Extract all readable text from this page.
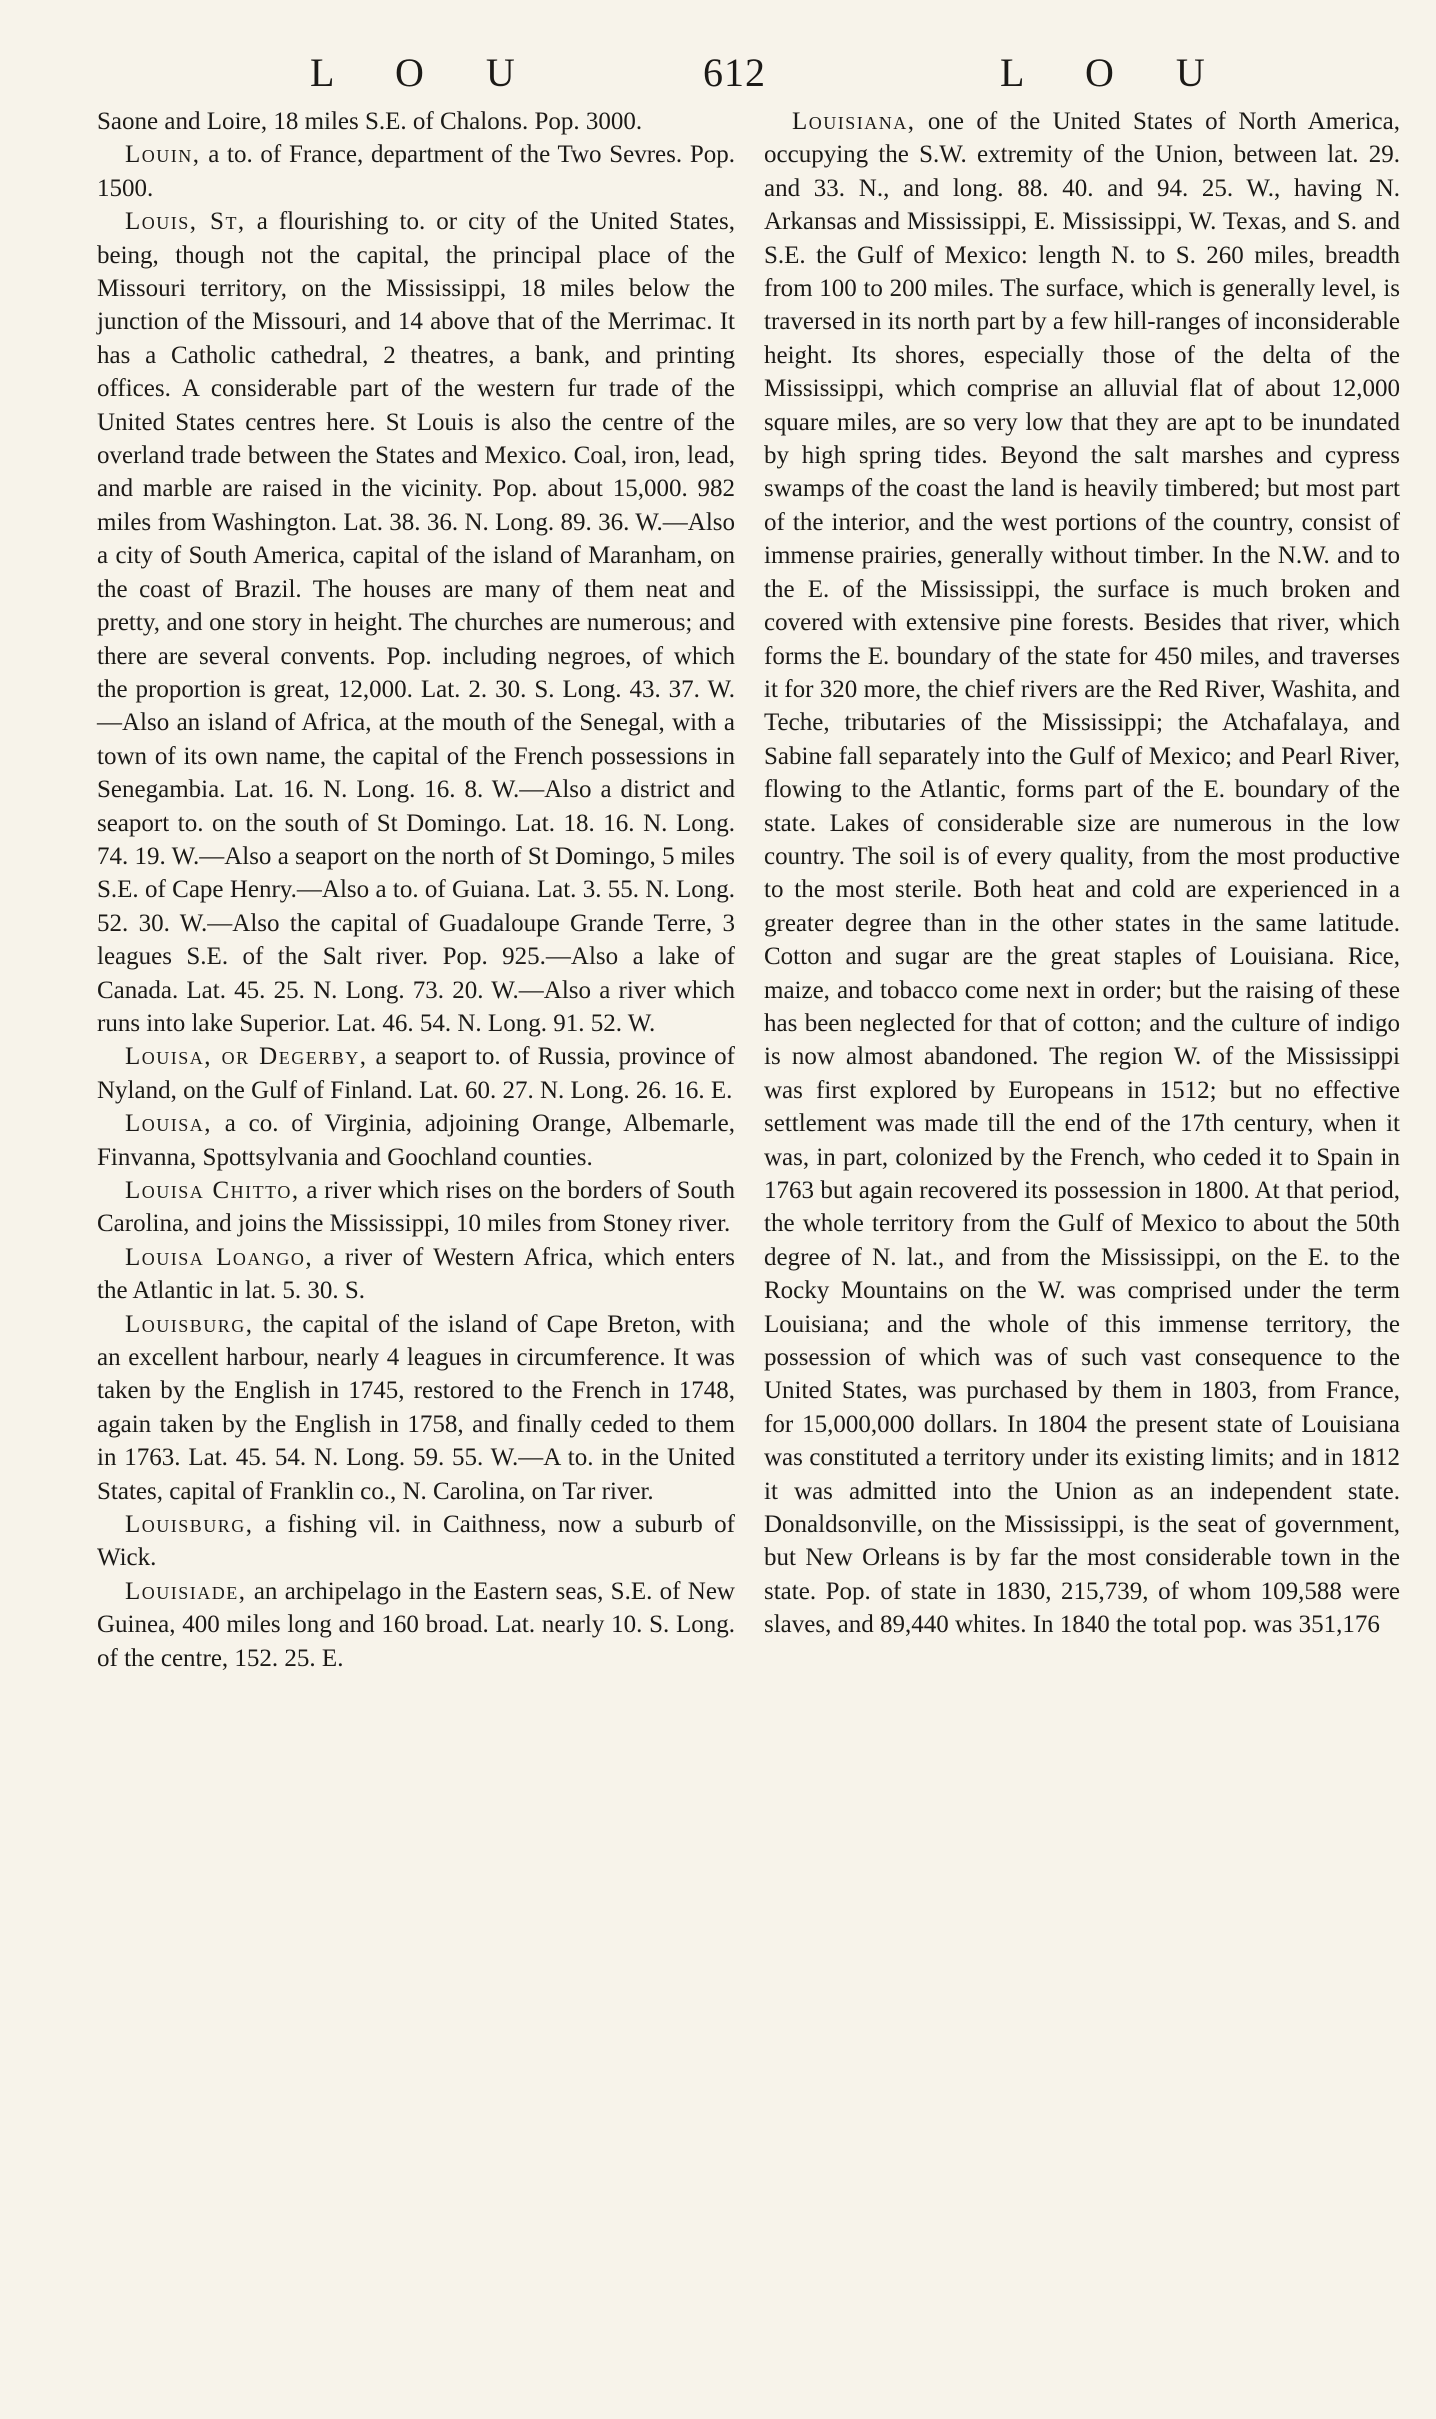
L O U	612	L O U

Saone and Loire, 18 miles S.E. of Chalons. Pop. 3000.

Louin, a to. of France, department of the Two Sevres. Pop. 1500.

Louis, St, a flourishing to. or city of the United States, being, though not the capital, the principal place of the Missouri territory, on the Mississippi, 18 miles below the junction of the Missouri, and 14 above that of the Merrimac. It has a Catholic cathedral, 2 theatres, a bank, and printing offices. A considerable part of the western fur trade of the United States centres here. St Louis is also the centre of the overland trade between the States and Mexico. Coal, iron, lead, and marble are raised in the vicinity. Pop. about 15,000. 982 miles from Washington. Lat. 38. 36. N. Long. 89. 36. W.—Also a city of South America, capital of the island of Maranham, on the coast of Brazil. The houses are many of them neat and pretty, and one story in height. The churches are numerous; and there are several convents. Pop. including negroes, of which the proportion is great, 12,000. Lat. 2. 30. S. Long. 43. 37. W.—Also an island of Africa, at the mouth of the Senegal, with a town of its own name, the capital of the French possessions in Senegambia. Lat. 16. N. Long. 16. 8. W.—Also a district and seaport to. on the south of St Domingo. Lat. 18. 16. N. Long. 74. 19. W.—Also a seaport on the north of St Domingo, 5 miles S.E. of Cape Henry.—Also a to. of Guiana. Lat. 3. 55. N. Long. 52. 30. W.—Also the capital of Guadaloupe Grande Terre, 3 leagues S.E. of the Salt river. Pop. 925.—Also a lake of Canada. Lat. 45. 25. N. Long. 73. 20. W.—Also a river which runs into lake Superior. Lat. 46. 54. N. Long. 91. 52. W.

Louisa, or Degerby, a seaport to. of Russia, province of Nyland, on the Gulf of Finland. Lat. 60. 27. N. Long. 26. 16. E.

Louisa, a co. of Virginia, adjoining Orange, Albemarle, Finvanna, Spottsylvania and Goochland counties.

Louisa Chitto, a river which rises on the borders of South Carolina, and joins the Mississippi, 10 miles from Stoney river.

Louisa Loango, a river of Western Africa, which enters the Atlantic in lat. 5. 30. S.

Louisburg, the capital of the island of Cape Breton, with an excellent harbour, nearly 4 leagues in circumference. It was taken by the English in 1745, restored to the French in 1748, again taken by the English in 1758, and finally ceded to them in 1763. Lat. 45. 54. N. Long. 59. 55. W.—A to. in the United States, capital of Franklin co., N. Carolina, on Tar river.

Louisburg, a fishing vil. in Caithness, now a suburb of Wick.

Louisiade, an archipelago in the Eastern seas, S.E. of New Guinea, 400 miles long and 160 broad. Lat. nearly 10. S. Long. of the centre, 152. 25. E.

Louisiana, one of the United States of North America, occupying the S.W. extremity of the Union, between lat. 29. and 33. N., and long. 88. 40. and 94. 25. W., having N. Arkansas and Mississippi, E. Mississippi, W. Texas, and S. and S.E. the Gulf of Mexico: length N. to S. 260 miles, breadth from 100 to 200 miles. The surface, which is generally level, is traversed in its north part by a few hill-ranges of inconsiderable height. Its shores, especially those of the delta of the Mississippi, which comprise an alluvial flat of about 12,000 square miles, are so very low that they are apt to be inundated by high spring tides. Beyond the salt marshes and cypress swamps of the coast the land is heavily timbered; but most part of the interior, and the west portions of the country, consist of immense prairies, generally without timber. In the N.W. and to the E. of the Mississippi, the surface is much broken and covered with extensive pine forests. Besides that river, which forms the E. boundary of the state for 450 miles, and traverses it for 320 more, the chief rivers are the Red River, Washita, and Teche, tributaries of the Mississippi; the Atchafalaya, and Sabine fall separately into the Gulf of Mexico; and Pearl River, flowing to the Atlantic, forms part of the E. boundary of the state. Lakes of considerable size are numerous in the low country. The soil is of every quality, from the most productive to the most sterile. Both heat and cold are experienced in a greater degree than in the other states in the same latitude. Cotton and sugar are the great staples of Louisiana. Rice, maize, and tobacco come next in order; but the raising of these has been neglected for that of cotton; and the culture of indigo is now almost abandoned. The region W. of the Mississippi was first explored by Europeans in 1512; but no effective settlement was made till the end of the 17th century, when it was, in part, colonized by the French, who ceded it to Spain in 1763 but again recovered its possession in 1800. At that period, the whole territory from the Gulf of Mexico to about the 50th degree of N. lat., and from the Mississippi, on the E. to the Rocky Mountains on the W. was comprised under the term Louisiana; and the whole of this immense territory, the possession of which was of such vast consequence to the United States, was purchased by them in 1803, from France, for 15,000,000 dollars. In 1804 the present state of Louisiana was constituted a territory under its existing limits; and in 1812 it was admitted into the Union as an independent state. Donaldsonville, on the Mississippi, is the seat of government, but New Orleans is by far the most considerable town in the state. Pop. of state in 1830, 215,739, of whom 109,588 were slaves, and 89,440 whites. In 1840 the total pop. was 351,176
